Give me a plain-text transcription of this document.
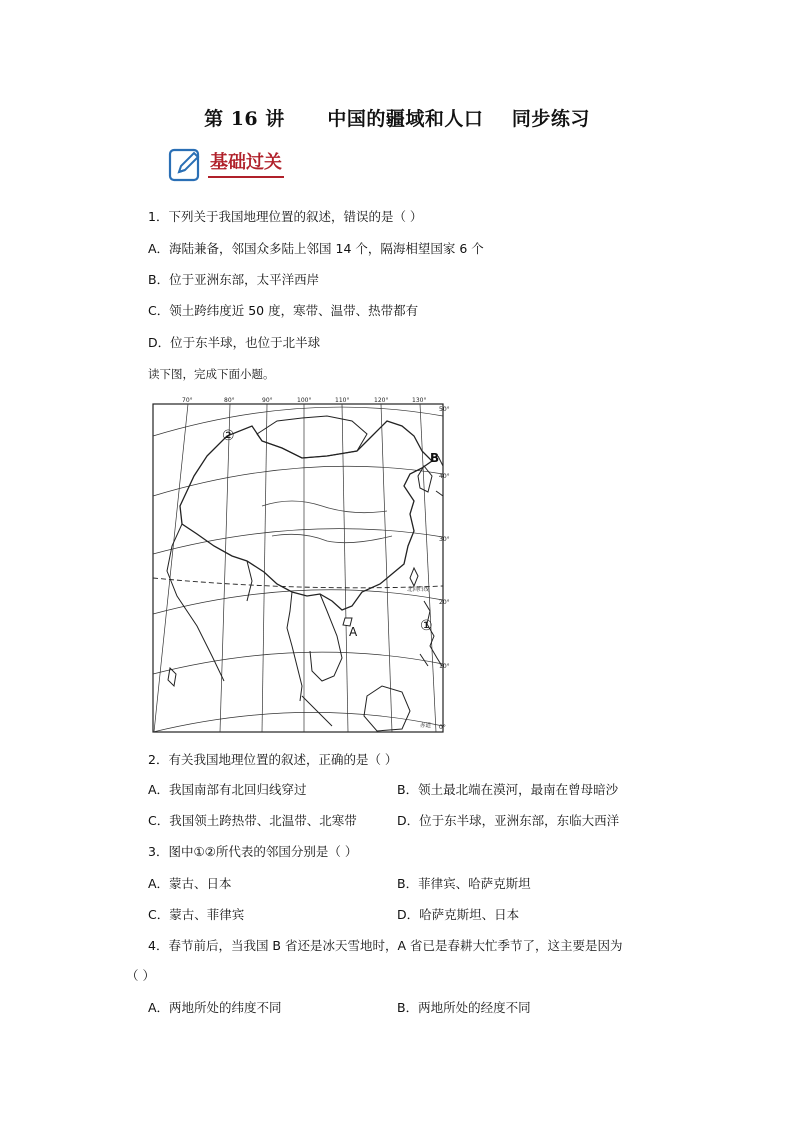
第 16 讲      中国的疆域和人口    同步练习
基础过关
1．下列关于我国地理位置的叙述，错误的是（ ）
A．海陆兼备，邻国众多陆上邻国 14 个，隔海相望国家 6 个
B．位于亚洲东部，太平洋西岸
C．领土跨纬度近 50 度，寒带、温带、热带都有
D．位于东半球，也位于北半球
读下图，完成下面小题。
70°	80°	90°	100°	110°	120°	130°
50°
40°
30°
20°
10°
0°
北回归线
赤道
②
①
A
B
2．有关我国地理位置的叙述，正确的是（ ）
A．我国南部有北回归线穿过	B．领土最北端在漠河，最南在曾母暗沙
C．我国领土跨热带、北温带、北寒带	D．位于东半球，亚洲东部，东临大西洋
3．图中①②所代表的邻国分别是（ ）
A．蒙古、日本	B．菲律宾、哈萨克斯坦
C．蒙古、菲律宾	D．哈萨克斯坦、日本
4．春节前后，当我国 B 省还是冰天雪地时，A 省已是春耕大忙季节了，这主要是因为
（ ）
A．两地所处的纬度不同	B．两地所处的经度不同
